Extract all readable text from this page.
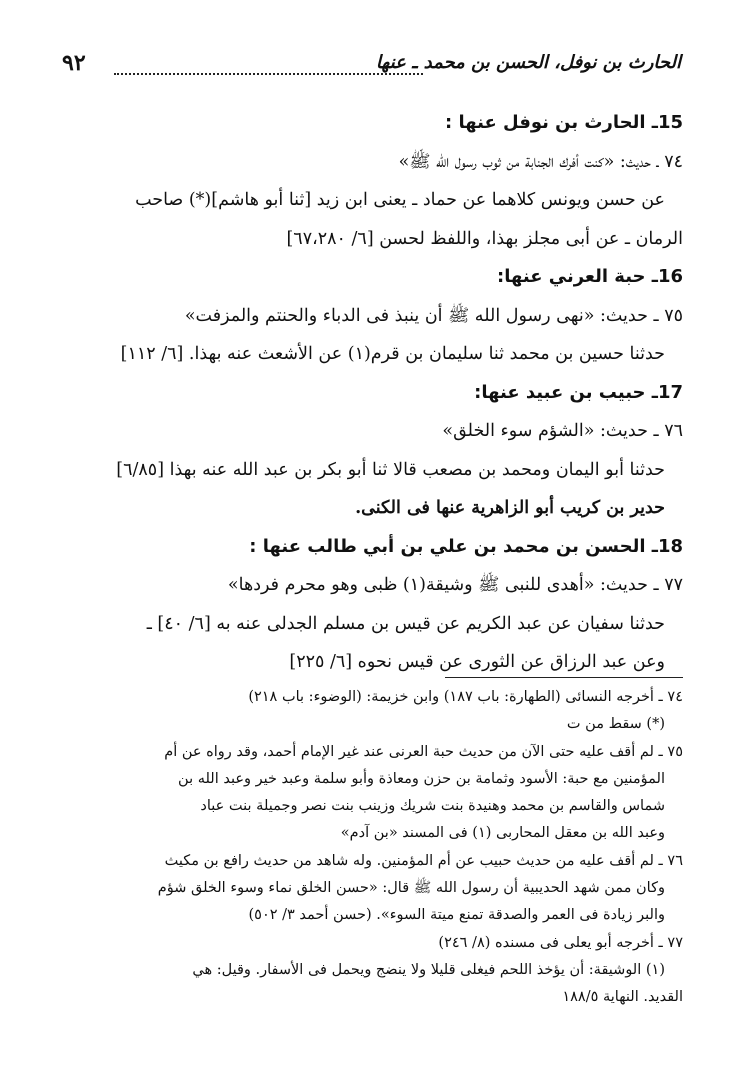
الحارث بن نوفل، الحسن بن محمد ـ عنها
٩٢
15ـ الحارث بن نوفل عنها :
٧٤ ـ حديث: «كنت أفرك الجنابة من ثوب رسول الله ﷺ»
عن حسن ويونس كلاهما عن حماد ـ يعنى ابن زيد [ثنا أبو هاشم](*) صاحب
الرمان ـ عن أبى مجلز بهذا، واللفظ لحسن [٦/ ٦٧،٢٨٠]
16ـ حبة العرني عنها:
٧٥ ـ حديث: «نهى رسول الله ﷺ أن ينبذ فى الدباء والحنتم والمزفت»
حدثنا حسين بن محمد ثنا سليمان بن قرم(١) عن الأشعث عنه بهذا. [٦/ ١١٢]
17ـ حبيب بن عبيد عنها:
٧٦ ـ حديث: «الشؤم سوء الخلق»
حدثنا أبو اليمان ومحمد بن مصعب قالا ثنا أبو بكر بن عبد الله عنه بهذا [٦/٨٥]
حدير بن كريب أبو الزاهرية عنها فى الكنى.
18ـ الحسن بن محمد بن علي بن أبي طالب عنها :
٧٧ ـ حديث: «أهدى للنبى ﷺ وشيقة(١) ظبى وهو محرم فردها»
حدثنا سفيان عن عبد الكريم عن قيس بن مسلم الجدلى عنه به [٦/ ٤٠] ـ
وعن عبد الرزاق عن الثورى عن قيس نحوه [٦/ ٢٢٥]
٧٤ ـ أخرجه النسائى (الطهارة: باب ١٨٧) وابن خزيمة: (الوضوء: باب ٢١٨)
(*) سقط من ت
٧٥ ـ لم أقف عليه حتى الآن من حديث حبة العرنى عند غير الإمام أحمد، وقد رواه عن أم
المؤمنين مع حبة: الأسود وثمامة بن حزن ومعاذة وأبو سلمة وعبد خير وعبد الله بن
شماس والقاسم بن محمد وهنيدة بنت شريك وزينب بنت نصر وجميلة بنت عباد
وعبد الله بن معقل المحاربى (١) فى المسند «بن آدم»
٧٦ ـ لم أقف عليه من حديث حبيب عن أم المؤمنين. وله شاهد من حديث رافع بن مكيث
وكان ممن شهد الحديبية أن رسول الله ﷺ قال: «حسن الخلق نماء وسوء الخلق شؤم
والبر زيادة فى العمر والصدقة تمنع ميتة السوء». (حسن أحمد ٣/ ٥٠٢)
٧٧ ـ أخرجه أبو يعلى فى مسنده (٨/ ٢٤٦)
(١) الوشيقة: أن يؤخذ اللحم فيغلى قليلا ولا ينضج ويحمل فى الأسفار. وقيل: هي
القديد. النهاية ١٨٨/٥
